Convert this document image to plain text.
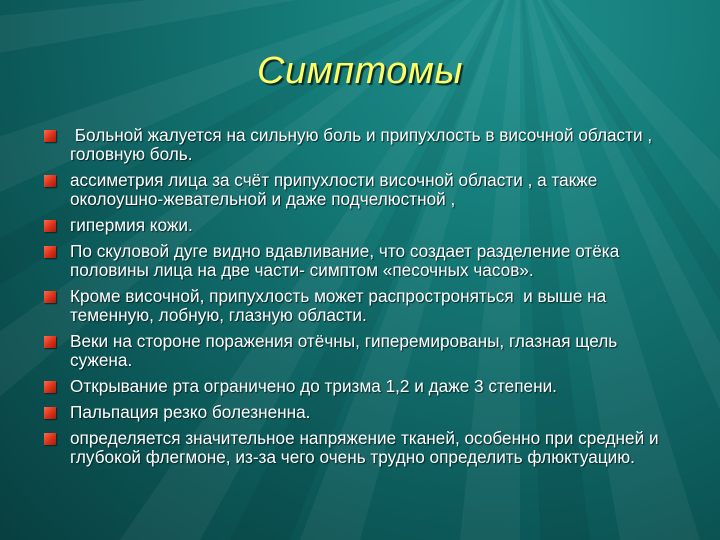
Симптомы
Больной жалуется на сильную боль и припухлость в височной области , головную боль.
ассиметрия лица за счёт припухлости височной области , а также околоушно-жевательной и даже подчелюстной ,
гипермия кожи.
По скуловой дуге видно вдавливание, что создает разделение отёка половины лица на две части- симптом «песочных часов».
Кроме височной, припухлость может распростроняться  и выше на теменную, лобную, глазную области.
Веки на стороне поражения отёчны, гиперемированы, глазная щель сужена.
Открывание рта ограничено до тризма 1,2 и даже 3 степени.
Пальпация резко болезненна.
определяется значительное напряжение тканей, особенно при средней и глубокой флегмоне, из-за чего очень трудно определить флюктуацию.
